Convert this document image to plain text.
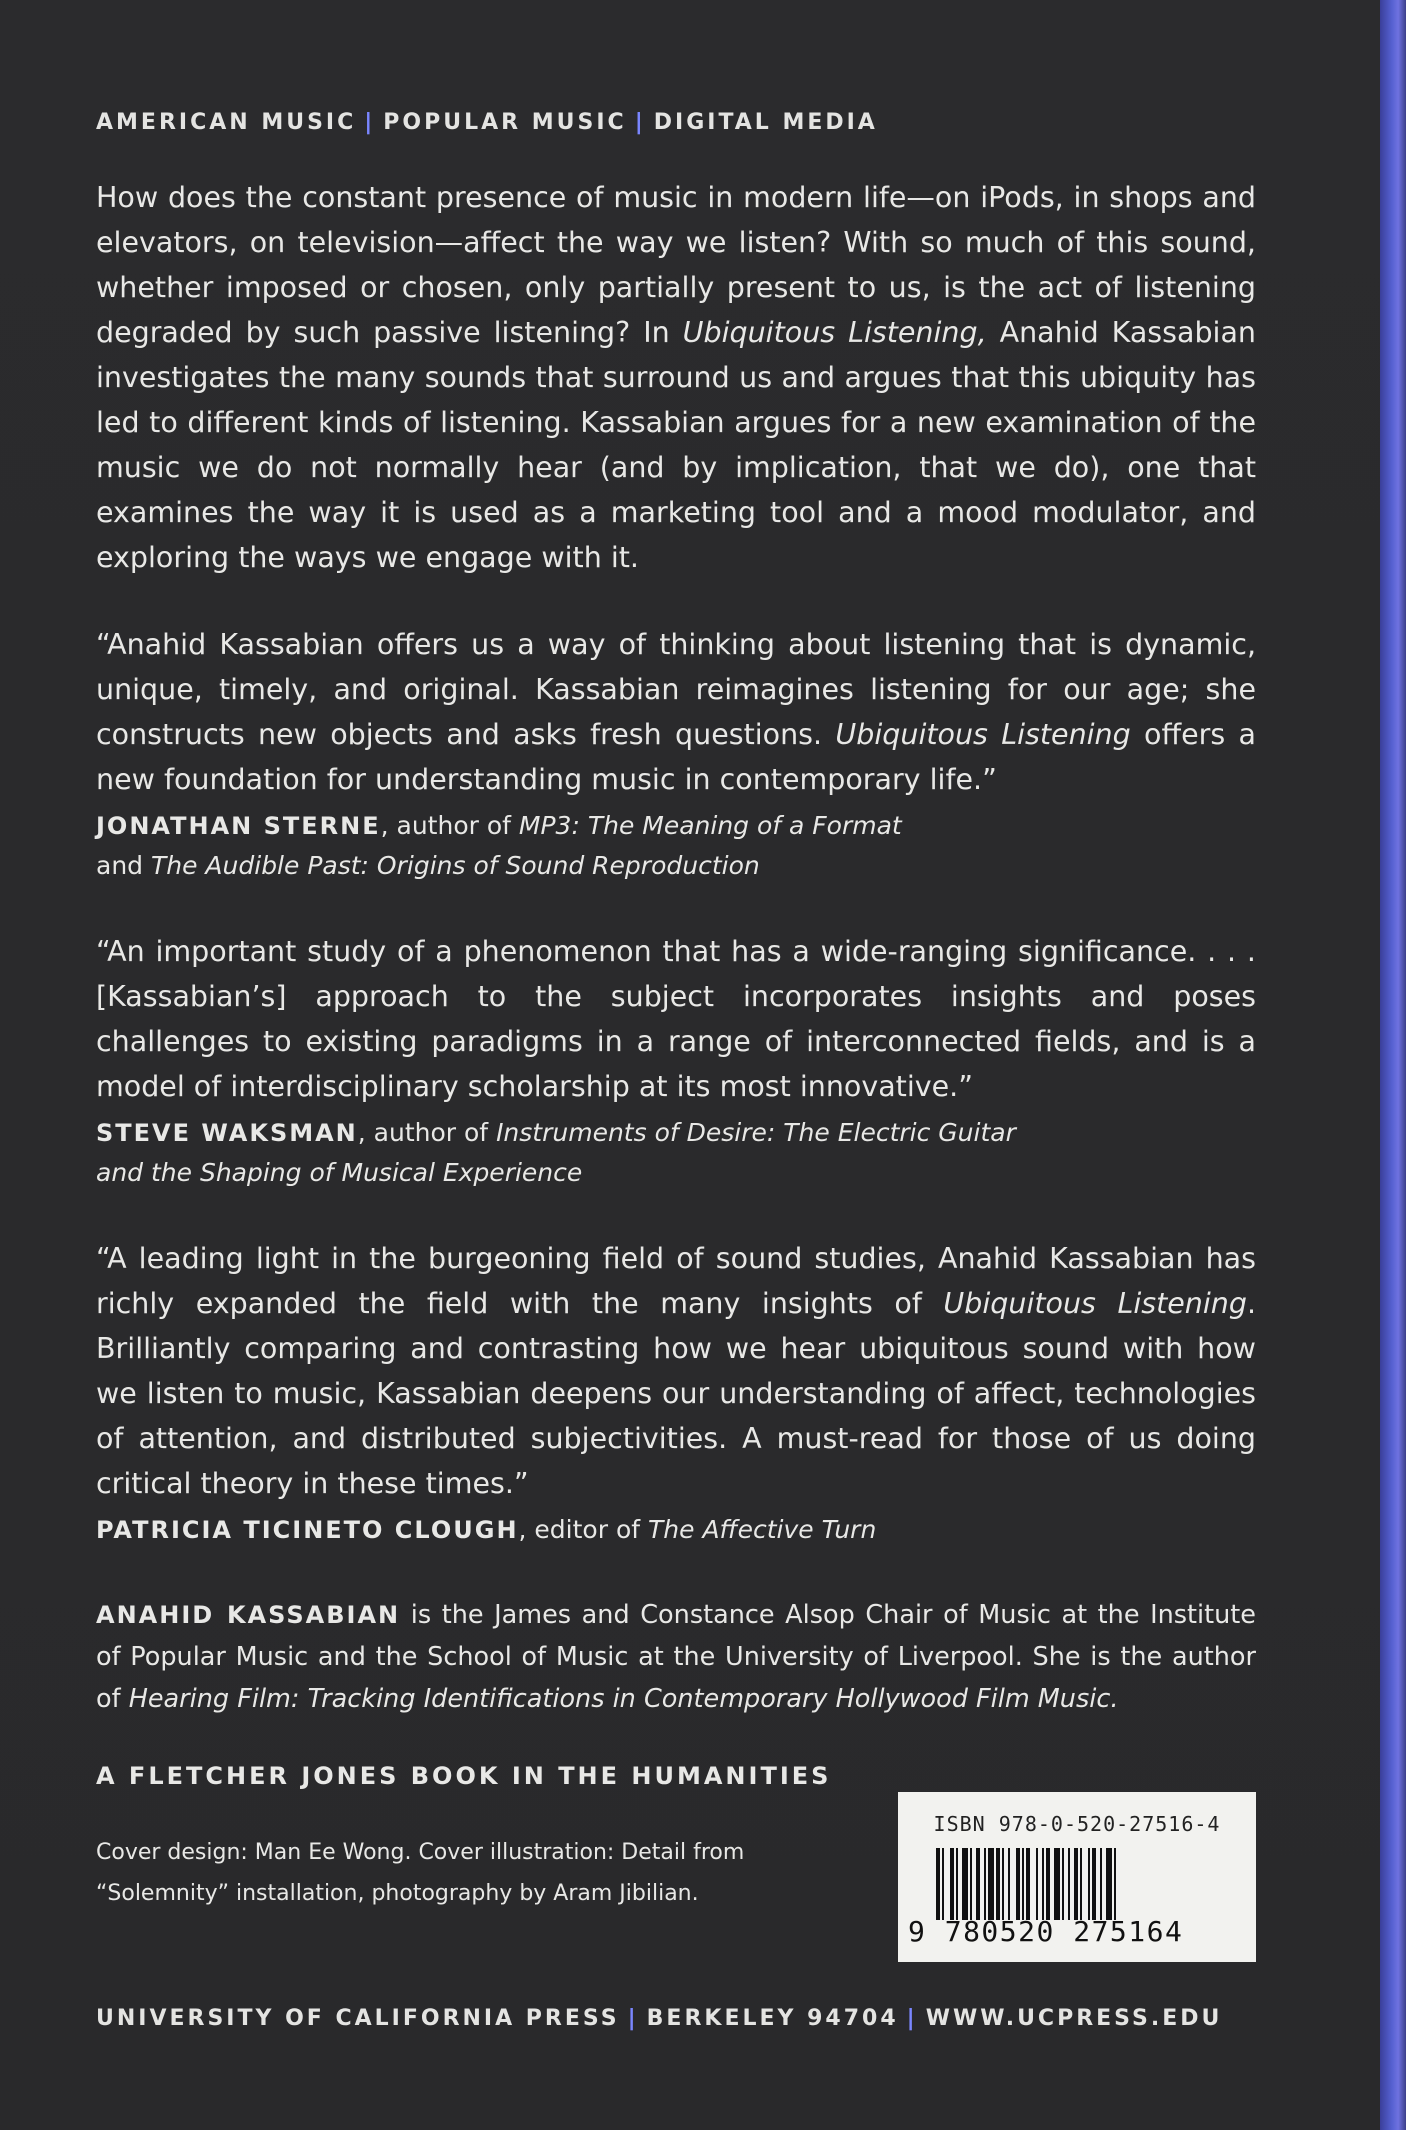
AMERICAN MUSIC | POPULAR MUSIC | DIGITAL MEDIA

How does the constant presence of music in modern life—on iPods, in shops and elevators, on television—affect the way we listen? With so much of this sound, whether imposed or chosen, only partially present to us, is the act of listening degraded by such passive listening? In Ubiquitous Listening, Anahid Kassabian investigates the many sounds that surround us and argues that this ubiquity has led to different kinds of listening. Kassabian argues for a new examination of the music we do not normally hear (and by implication, that we do), one that examines the way it is used as a marketing tool and a mood modulator, and exploring the ways we engage with it.

“Anahid Kassabian offers us a way of thinking about listening that is dynamic, unique, timely, and original. Kassabian reimagines listening for our age; she constructs new objects and asks fresh questions. Ubiquitous Listening offers a new foundation for understanding music in contemporary life.”

JONATHAN STERNE, author of MP3: The Meaning of a Format
and The Audible Past: Origins of Sound Reproduction

“An important study of a phenomenon that has a wide-ranging significance. . . . [Kassabian’s] approach to the subject incorporates insights and poses challenges to existing paradigms in a range of interconnected fields, and is a model of interdisciplinary scholarship at its most innovative.”

STEVE WAKSMAN, author of Instruments of Desire: The Electric Guitar
and the Shaping of Musical Experience

“A leading light in the burgeoning field of sound studies, Anahid Kassabian has richly expanded the field with the many insights of Ubiquitous Listening. Brilliantly comparing and contrasting how we hear ubiquitous sound with how we listen to music, Kassabian deepens our understanding of affect, technologies of attention, and distributed subjectivities. A must-read for those of us doing critical theory in these times.”

PATRICIA TICINETO CLOUGH, editor of The Affective Turn

ANAHID KASSABIAN is the James and Constance Alsop Chair of Music at the Institute of Popular Music and the School of Music at the University of Liverpool. She is the author of Hearing Film: Tracking Identifications in Contemporary Hollywood Film Music.

A FLETCHER JONES BOOK IN THE HUMANITIES
Cover design: Man Ee Wong. Cover illustration: Detail from
“Solemnity” installation, photography by Aram Jibilian.
ISBN 978-0-520-27516-4
9 780520 275164
UNIVERSITY OF CALIFORNIA PRESS | BERKELEY 94704 | WWW.UCPRESS.EDU
